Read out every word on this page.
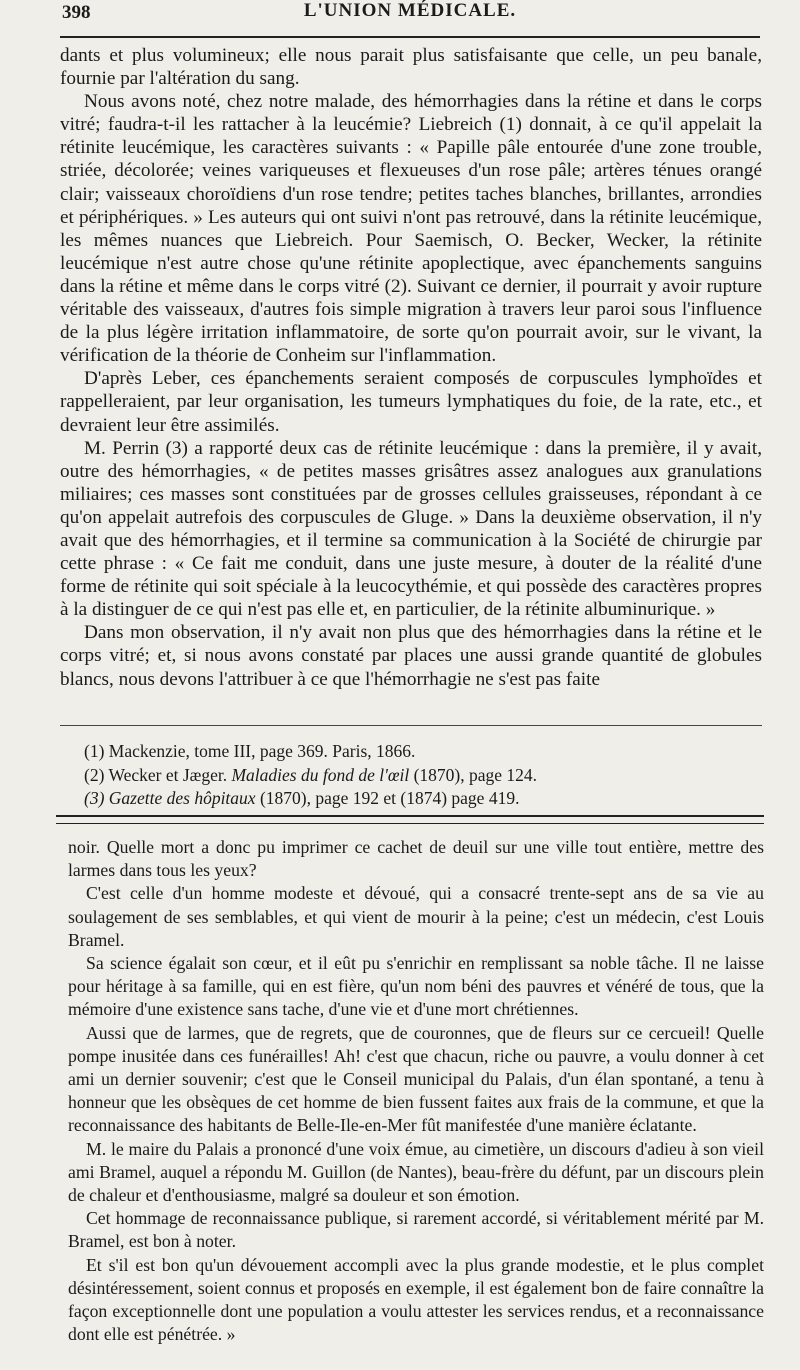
398	L'UNION MÉDICALE.

dants et plus volumineux; elle nous parait plus satisfaisante que celle, un peu banale, fournie par l'altération du sang.

Nous avons noté, chez notre malade, des hémorrhagies dans la rétine et dans le corps vitré; faudra-t-il les rattacher à la leucémie? Liebreich (1) donnait, à ce qu'il appelait la rétinite leucémique, les caractères suivants : « Papille pâle entourée d'une zone trouble, striée, décolorée; veines variqueuses et flexueuses d'un rose pâle; artères ténues orangé clair; vaisseaux choroïdiens d'un rose tendre; petites taches blanches, brillantes, arrondies et périphériques. » Les auteurs qui ont suivi n'ont pas retrouvé, dans la rétinite leucémique, les mêmes nuances que Liebreich. Pour Saemisch, O. Becker, Wecker, la rétinite leucémique n'est autre chose qu'une rétinite apoplectique, avec épanchements sanguins dans la rétine et même dans le corps vitré (2). Suivant ce dernier, il pourrait y avoir rupture véritable des vaisseaux, d'autres fois simple migration à travers leur paroi sous l'influence de la plus légère irritation inflammatoire, de sorte qu'on pourrait avoir, sur le vivant, la vérification de la théorie de Conheim sur l'inflammation.

D'après Leber, ces épanchements seraient composés de corpuscules lymphoïdes et rappelleraient, par leur organisation, les tumeurs lymphatiques du foie, de la rate, etc., et devraient leur être assimilés.

M. Perrin (3) a rapporté deux cas de rétinite leucémique : dans la première, il y avait, outre des hémorrhagies, « de petites masses grisâtres assez analogues aux granulations miliaires; ces masses sont constituées par de grosses cellules graisseuses, répondant à ce qu'on appelait autrefois des corpuscules de Gluge. » Dans la deuxième observation, il n'y avait que des hémorrhagies, et il termine sa communication à la Société de chirurgie par cette phrase : « Ce fait me conduit, dans une juste mesure, à douter de la réalité d'une forme de rétinite qui soit spéciale à la leucocythémie, et qui possède des caractères propres à la distinguer de ce qui n'est pas elle et, en particulier, de la rétinite albuminurique. »

Dans mon observation, il n'y avait non plus que des hémorrhagies dans la rétine et le corps vitré; et, si nous avons constaté par places une aussi grande quantité de globules blancs, nous devons l'attribuer à ce que l'hémorrhagie ne s'est pas faite

(1) Mackenzie, tome III, page 369. Paris, 1866.

(2) Wecker et Jæger. Maladies du fond de l'œil (1870), page 124.

(3) Gazette des hôpitaux (1870), page 192 et (1874) page 419.

noir. Quelle mort a donc pu imprimer ce cachet de deuil sur une ville tout entière, mettre des larmes dans tous les yeux?

C'est celle d'un homme modeste et dévoué, qui a consacré trente-sept ans de sa vie au soulagement de ses semblables, et qui vient de mourir à la peine; c'est un médecin, c'est Louis Bramel.

Sa science égalait son cœur, et il eût pu s'enrichir en remplissant sa noble tâche. Il ne laisse pour héritage à sa famille, qui en est fière, qu'un nom béni des pauvres et vénéré de tous, que la mémoire d'une existence sans tache, d'une vie et d'une mort chrétiennes.

Aussi que de larmes, que de regrets, que de couronnes, que de fleurs sur ce cercueil! Quelle pompe inusitée dans ces funérailles! Ah! c'est que chacun, riche ou pauvre, a voulu donner à cet ami un dernier souvenir; c'est que le Conseil municipal du Palais, d'un élan spontané, a tenu à honneur que les obsèques de cet homme de bien fussent faites aux frais de la commune, et que la reconnaissance des habitants de Belle-Ile-en-Mer fût manifestée d'une manière éclatante.

M. le maire du Palais a prononcé d'une voix émue, au cimetière, un discours d'adieu à son vieil ami Bramel, auquel a répondu M. Guillon (de Nantes), beau-frère du défunt, par un discours plein de chaleur et d'enthousiasme, malgré sa douleur et son émotion.

Cet hommage de reconnaissance publique, si rarement accordé, si véritablement mérité par M. Bramel, est bon à noter.

Et s'il est bon qu'un dévouement accompli avec la plus grande modestie, et le plus complet désintéressement, soient connus et proposés en exemple, il est également bon de faire connaître la façon exceptionnelle dont une population a voulu attester les services rendus, et a reconnaissance dont elle est pénétrée. »
